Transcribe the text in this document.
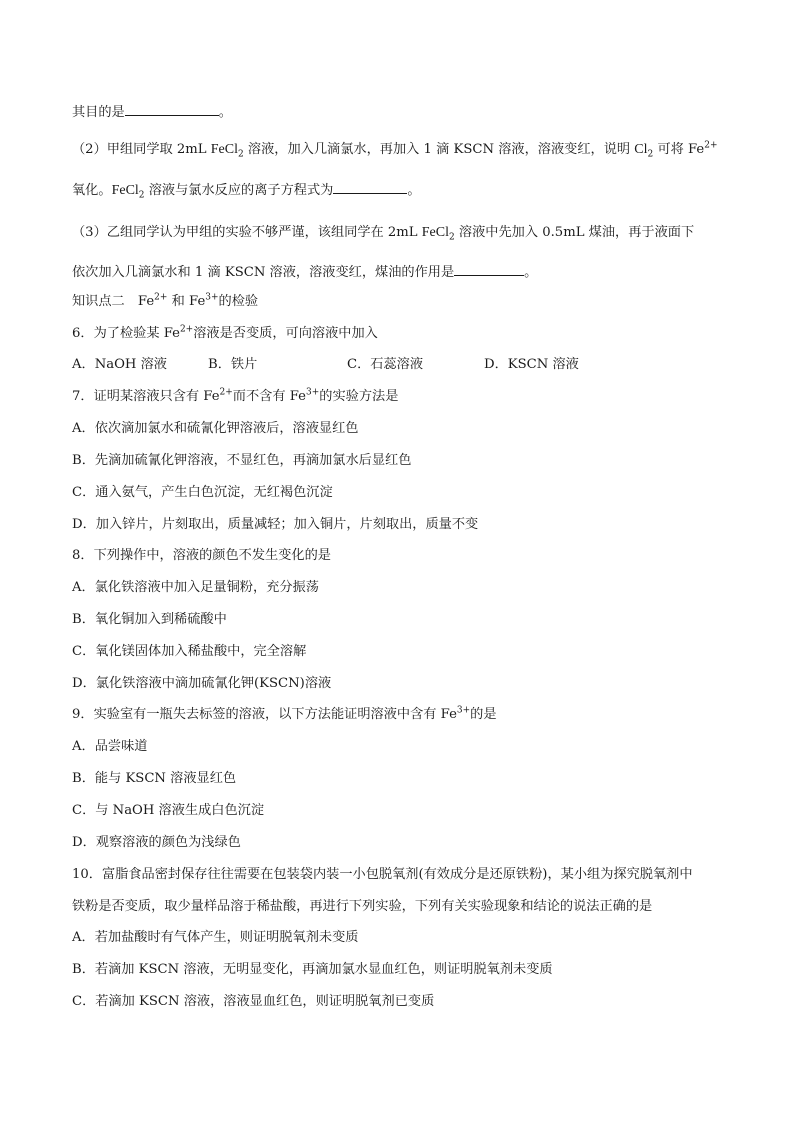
其目的是	。
（2）甲组同学取 2mL FeCl$_2$ 溶液，加入几滴氯水，再加入 1 滴 KSCN 溶液，溶液变红，说明 $Cl_2$ 可将 $Fe^{2+}$
氧化。FeCl$_2$ 溶液与氯水反应的离子方程式为	。
（3）乙组同学认为甲组的实验不够严谨，该组同学在 2mL FeCl$_2$ 溶液中先加入 0.5mL 煤油，再于液面下
依次加入几滴氯水和 1 滴 KSCN 溶液，溶液变红，煤油的作用是	。
知识点二　$Fe^{2+}$ 和 $Fe^{3+}$的检验
6．为了检验某 $Fe^{2+}$溶液是否变质，可向溶液中加入
A．NaOH 溶液	B．铁片	C．石蕊溶液	D．KSCN 溶液
7．证明某溶液只含有 $Fe^{2+}$而不含有 $Fe^{3+}$的实验方法是
A．依次滴加氯水和硫氰化钾溶液后，溶液显红色
B．先滴加硫氰化钾溶液，不显红色，再滴加氯水后显红色
C．通入氨气，产生白色沉淀，无红褐色沉淀
D．加入锌片，片刻取出，质量减轻；加入铜片，片刻取出，质量不变
8．下列操作中，溶液的颜色不发生变化的是
A．氯化铁溶液中加入足量铜粉，充分振荡
B．氧化铜加入到稀硫酸中
C．氧化镁固体加入稀盐酸中，完全溶解
D．氯化铁溶液中滴加硫氰化钾(KSCN)溶液
9．实验室有一瓶失去标签的溶液，以下方法能证明溶液中含有 $Fe^{3+}$的是
A．品尝味道
B．能与 KSCN 溶液显红色
C．与 NaOH 溶液生成白色沉淀
D．观察溶液的颜色为浅绿色
10．富脂食品密封保存往往需要在包装袋内装一小包脱氧剂(有效成分是还原铁粉)，某小组为探究脱氧剂中
铁粉是否变质，取少量样品溶于稀盐酸，再进行下列实验，下列有关实验现象和结论的说法正确的是
A．若加盐酸时有气体产生，则证明脱氧剂未变质
B．若滴加 KSCN 溶液，无明显变化，再滴加氯水显血红色，则证明脱氧剂未变质
C．若滴加 KSCN 溶液，溶液显血红色，则证明脱氧剂已变质
